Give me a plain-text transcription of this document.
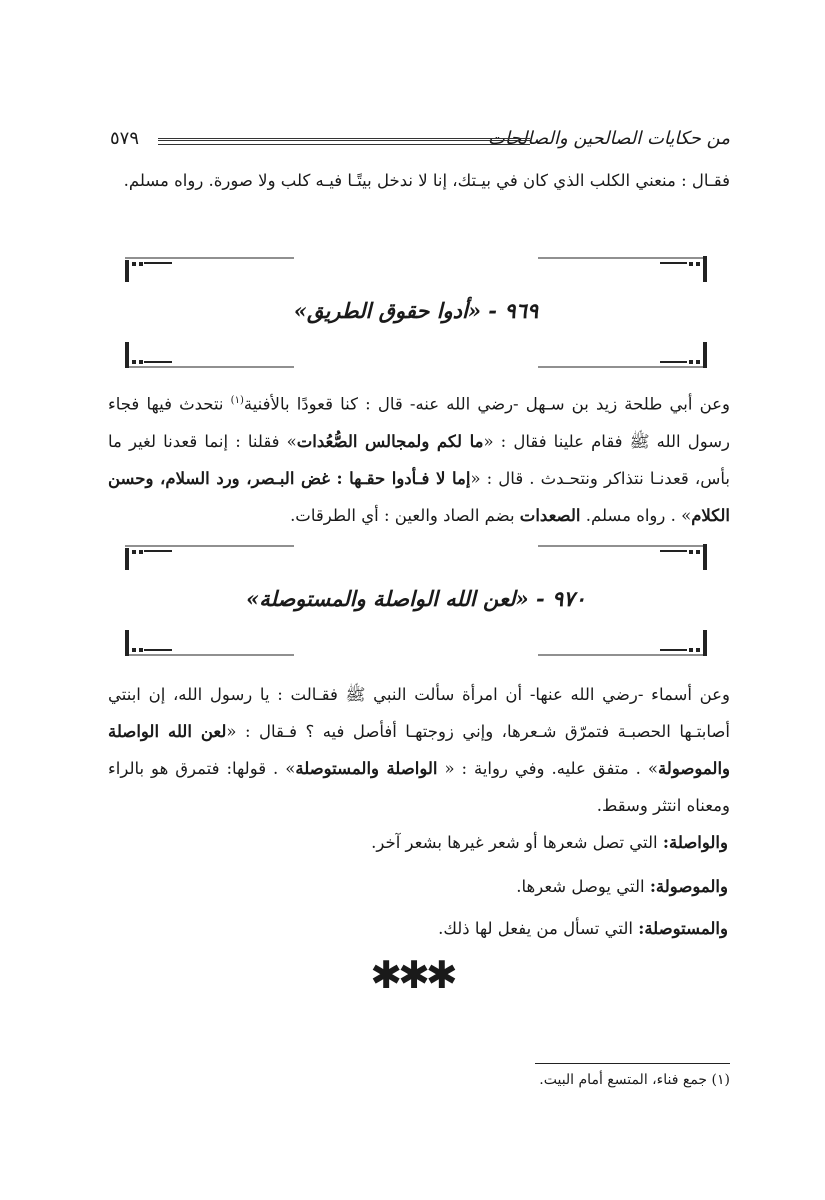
من حكايات الصالحين والصالحات
٥٧٩

فقـال : منعني الكلب الذي كان في بيـتك، إنا لا ندخل بيتًـا فيـه كلب ولا صورة. رواه مسلم.

٩٦٩ - «أدوا حقوق الطريق»

وعن أبي طلحة زيد بن سـهل -رضي الله عنه- قال : كنا قعودًا بالأفنية$^{(١)}$ نتحدث فيها فجاء رسول الله ﷺ فقام علينا فقال : «ما لكم ولمجالس الصُّعُدات» فقلنا : إنما قعدنا لغير ما بأس، قعدنـا نتذاكر ونتحـدث . قال : «إما لا فـأدوا حقـها : غض البـصر، ورد السلام، وحسن الكلام» . رواه مسلم. الصعدات بضم الصاد والعين : أي الطرقات.

٩٧٠ - «لعن الله الواصلة والمستوصلة»

وعن أسماء -رضي الله عنها- أن امرأة سألت النبي ﷺ فقـالت : يا رسول الله، إن ابنتي أصابتـها الحصبـة فتمرّق شـعرها، وإني زوجتهـا أفأصل فيه ؟ فـقال : «لعن الله الواصلة والموصولة» . متفق عليه. وفي رواية : « الواصلة والمستوصلة» . قولها: فتمرق هو بالراء ومعناه انتثر وسقط.

والواصلة: التي تصل شعرها أو شعر غيرها بشعر آخر.
والموصولة: التي يوصل شعرها.
والمستوصلة: التي تسأل من يفعل لها ذلك.
✱✱✱
(١) جمع فناء، المتسع أمام البيت.
